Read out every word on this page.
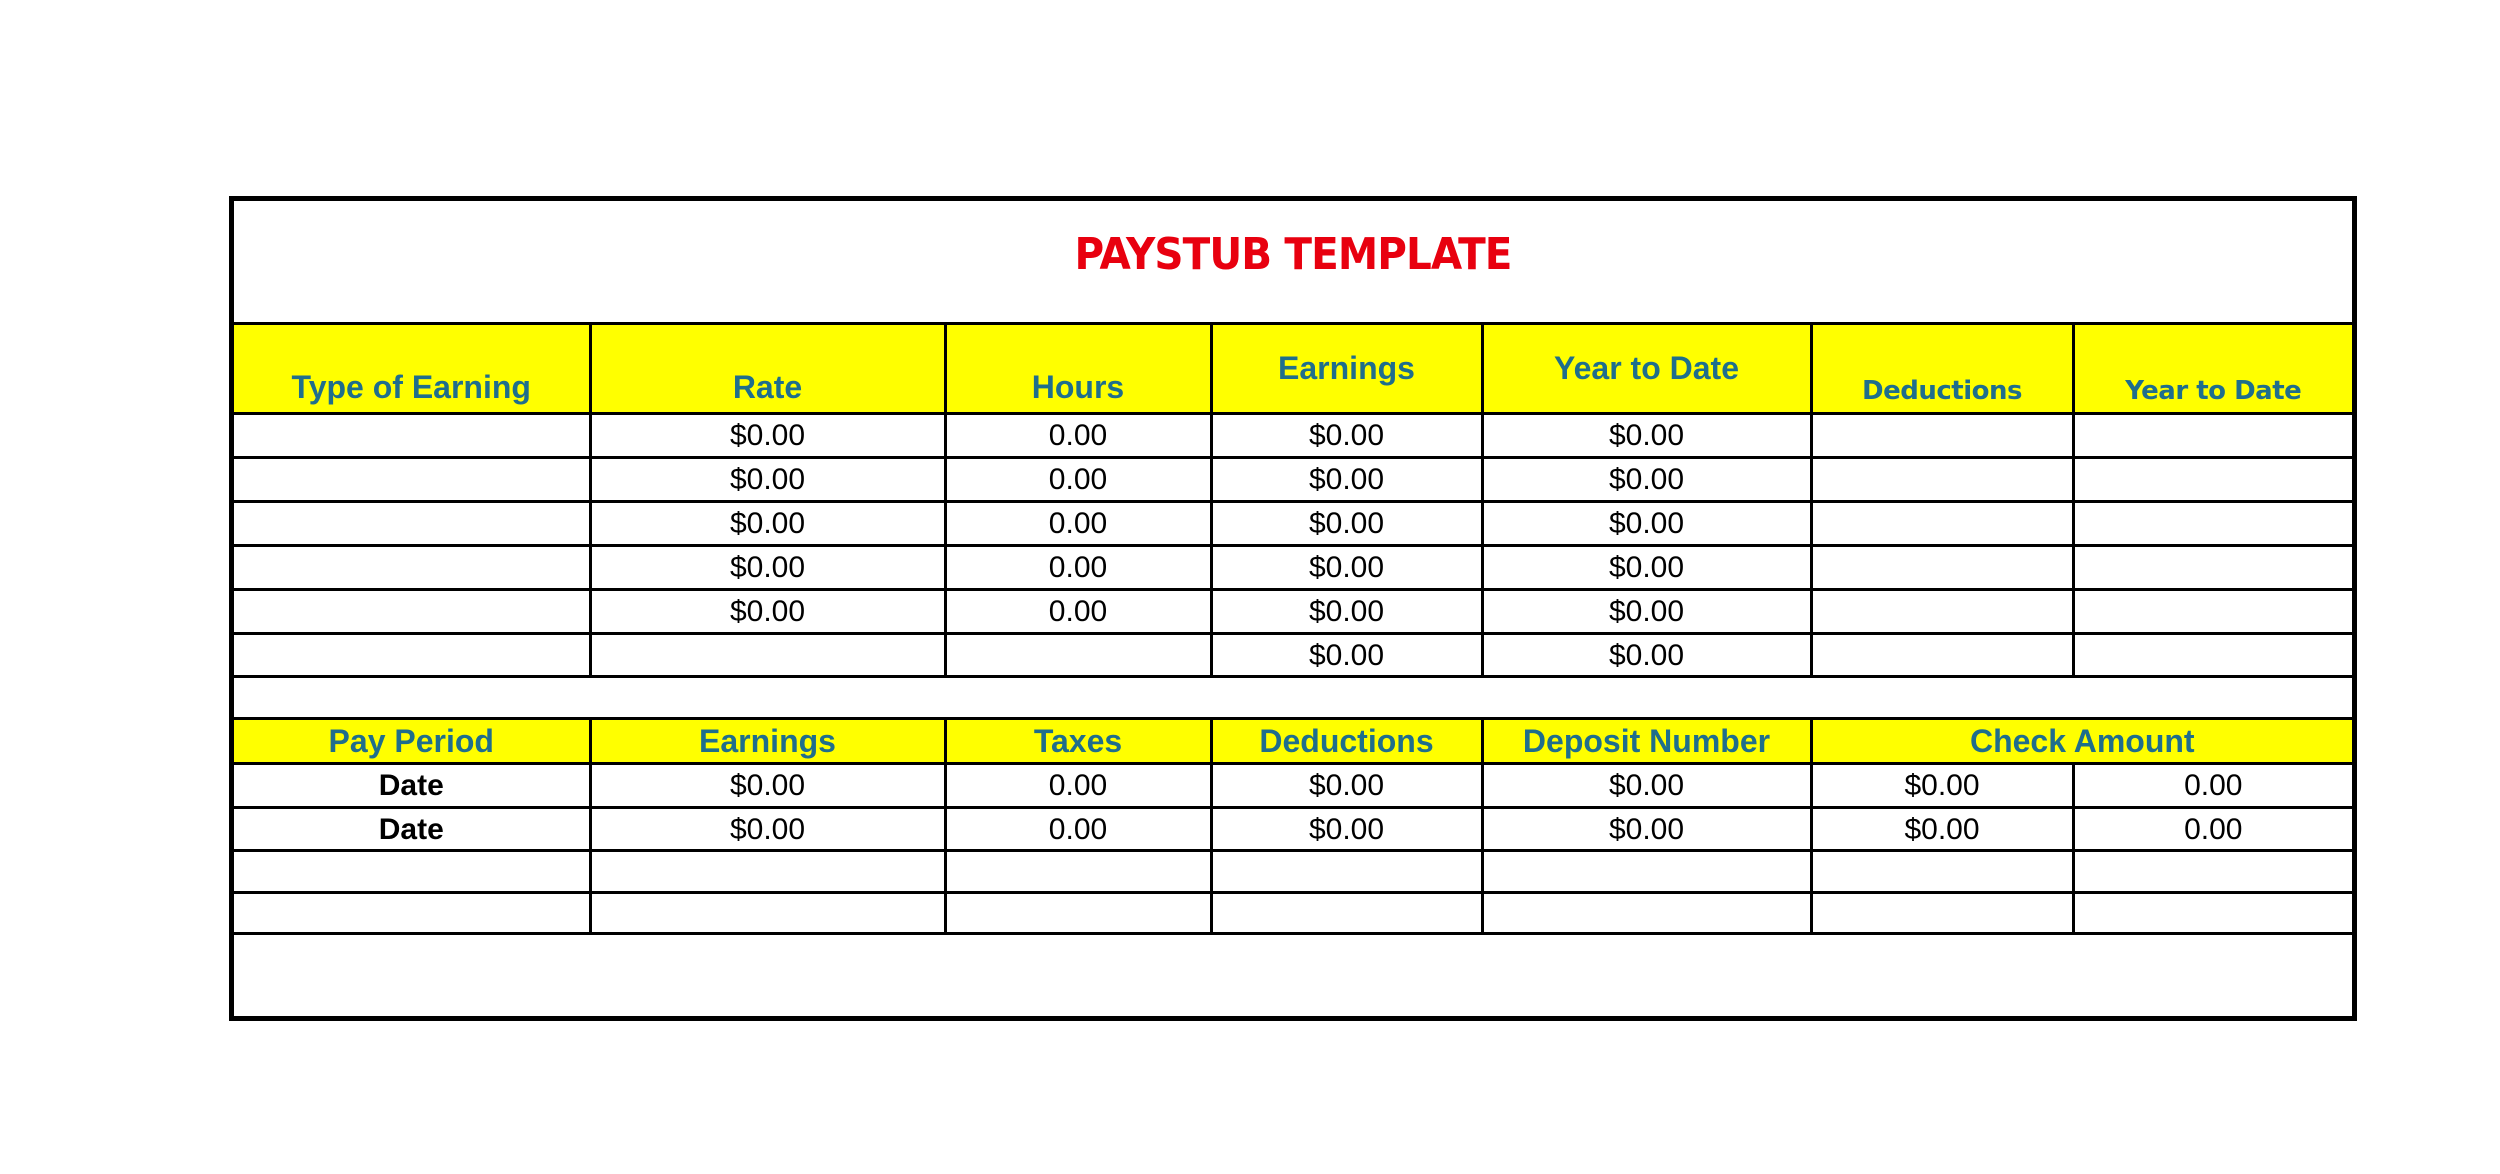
PAYSTUB TEMPLATE
Type of Earning	Rate	Hours	Earnings	Year to Date	Deductions	Year to Date
	$0.00	0.00	$0.00	$0.00		
	$0.00	0.00	$0.00	$0.00		
	$0.00	0.00	$0.00	$0.00		
	$0.00	0.00	$0.00	$0.00		
	$0.00	0.00	$0.00	$0.00		
			$0.00	$0.00		

Pay Period	Earnings	Taxes	Deductions	Deposit Number	Check Amount	
Date	$0.00	0.00	$0.00	$0.00	$0.00	0.00
Date	$0.00	0.00	$0.00	$0.00	$0.00	0.00
